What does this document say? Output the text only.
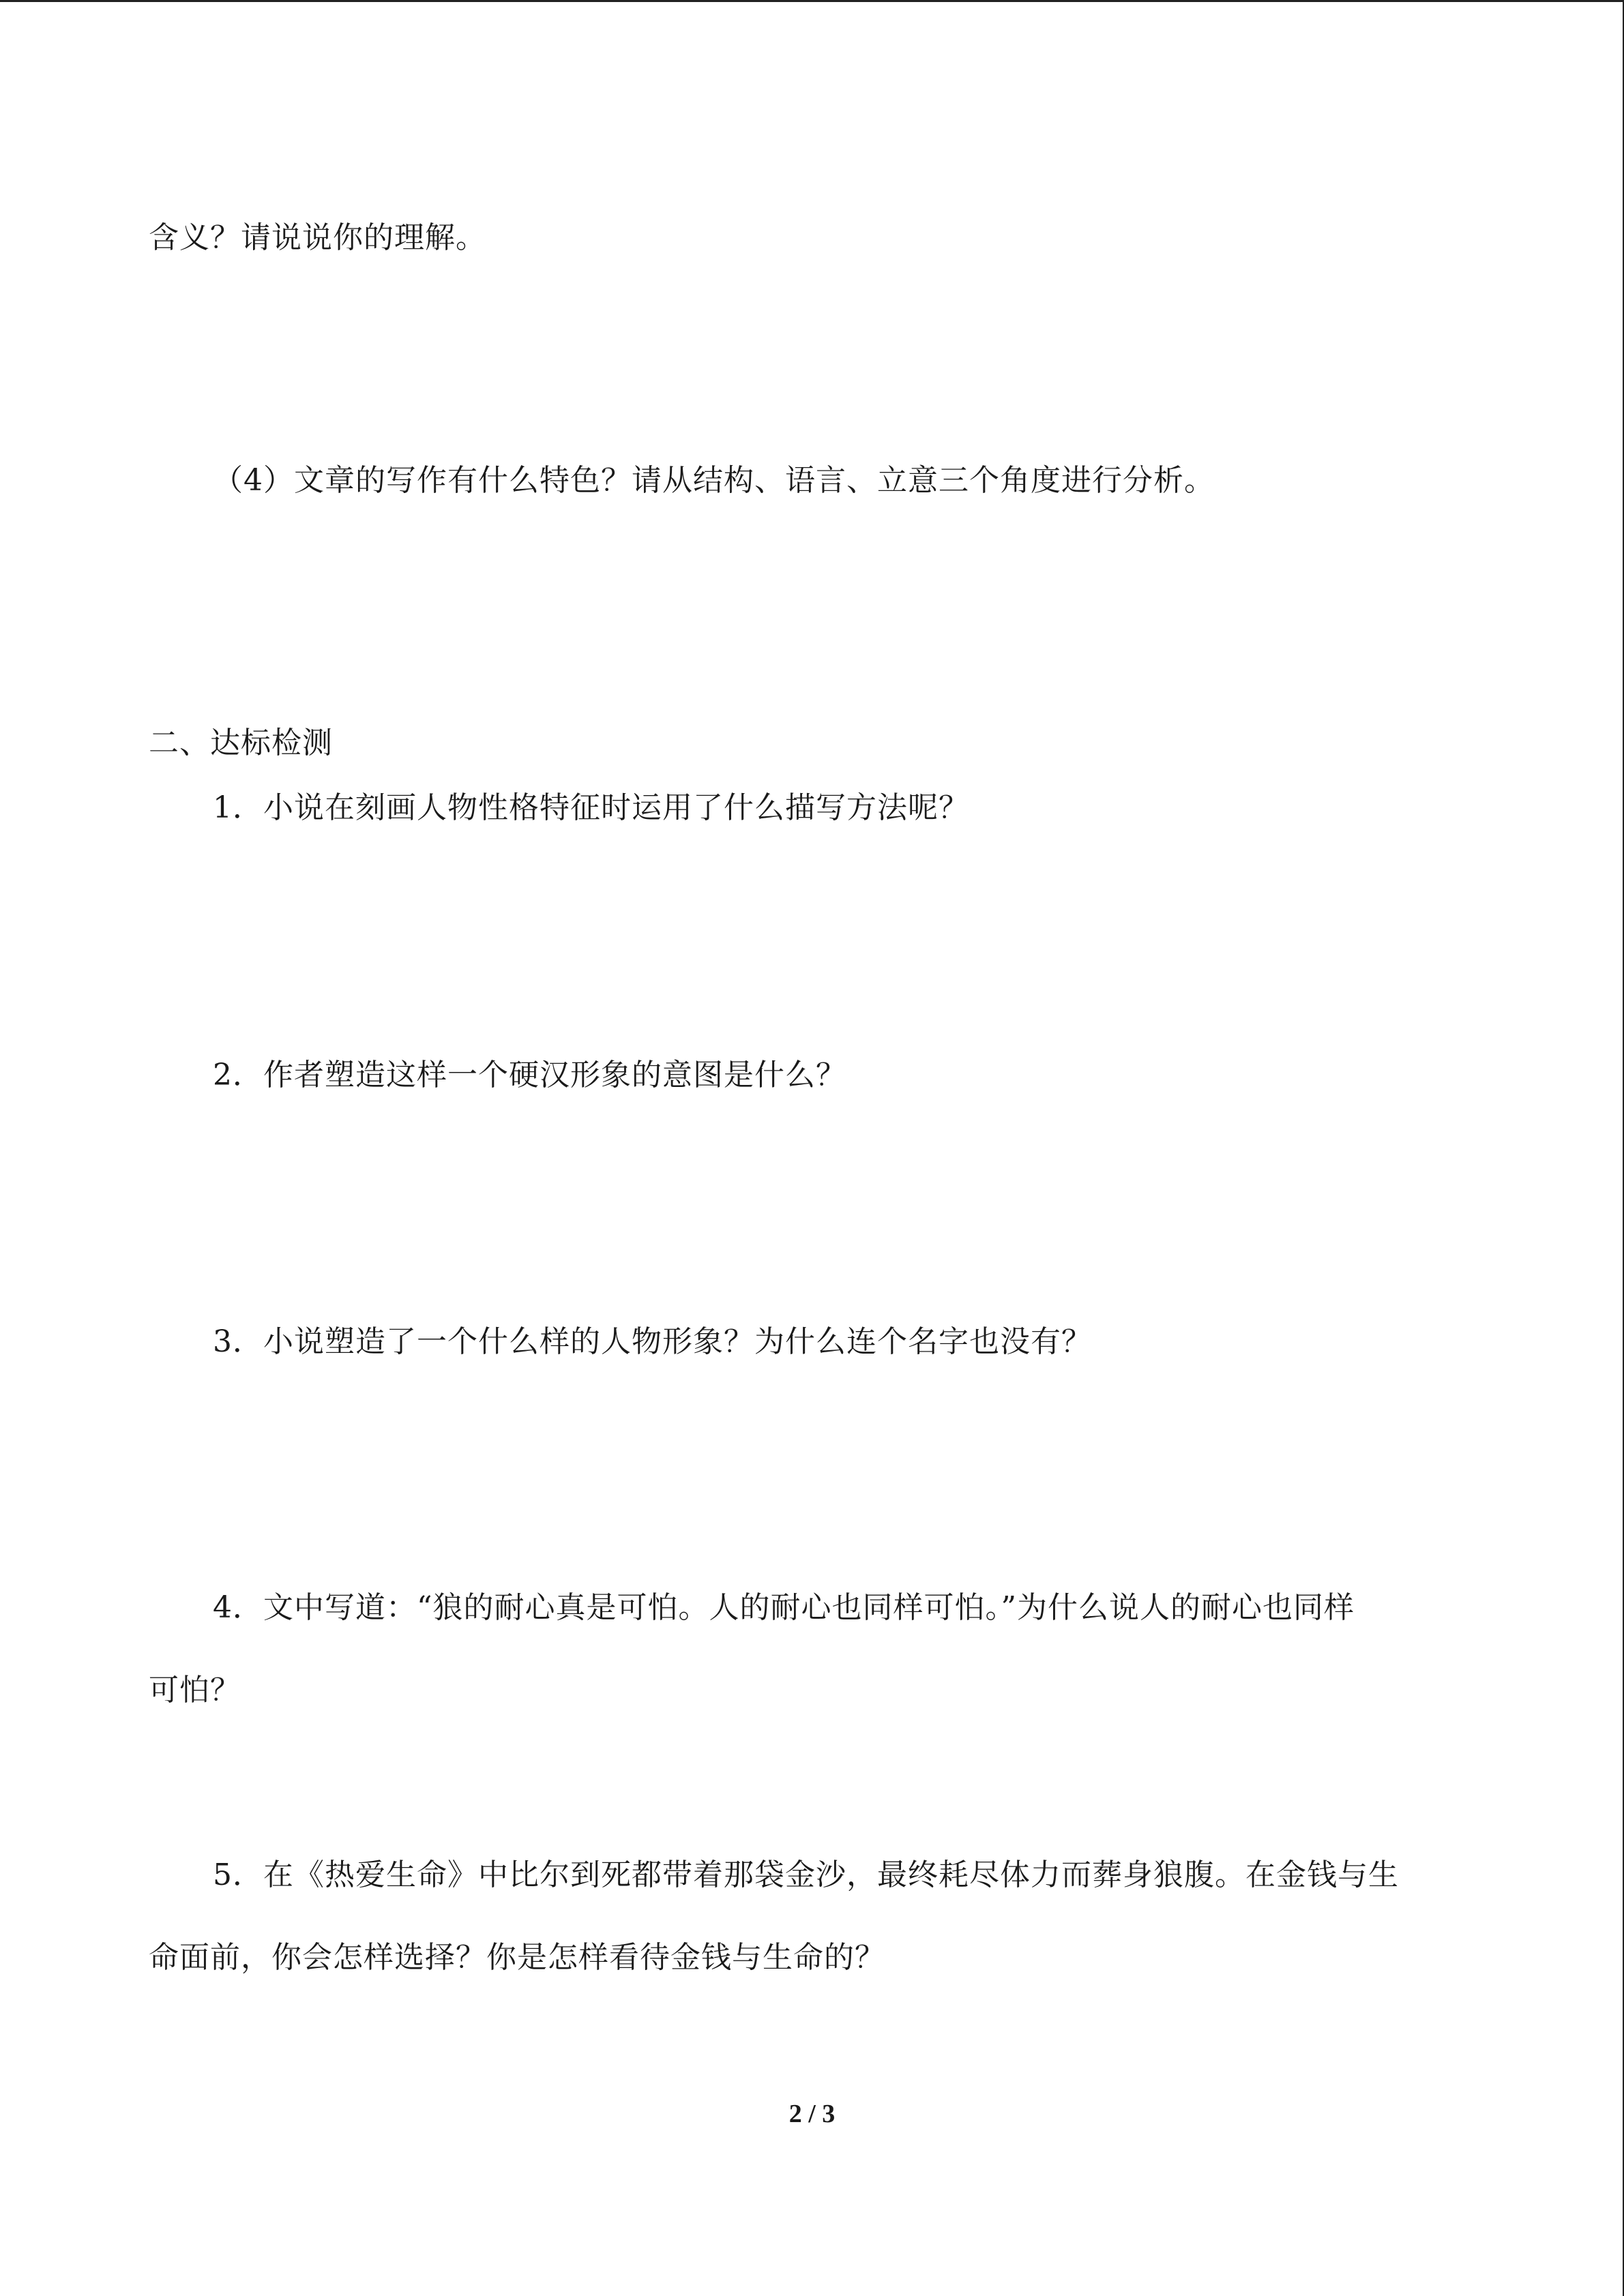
含义？请说说你的理解。
（4）文章的写作有什么特色？请从结构、语言、立意三个角度进行分析。
二、达标检测
1．小说在刻画人物性格特征时运用了什么描写方法呢？
2．作者塑造这样一个硬汉形象的意图是什么？
3．小说塑造了一个什么样的人物形象？为什么连个名字也没有？
4．文中写道：“狼的耐心真是可怕。人的耐心也同样可怕。”为什么说人的耐心也同样
可怕？
5．在《热爱生命》中比尔到死都带着那袋金沙，最终耗尽体力而葬身狼腹。在金钱与生
命面前，你会怎样选择？你是怎样看待金钱与生命的？
2 / 3
